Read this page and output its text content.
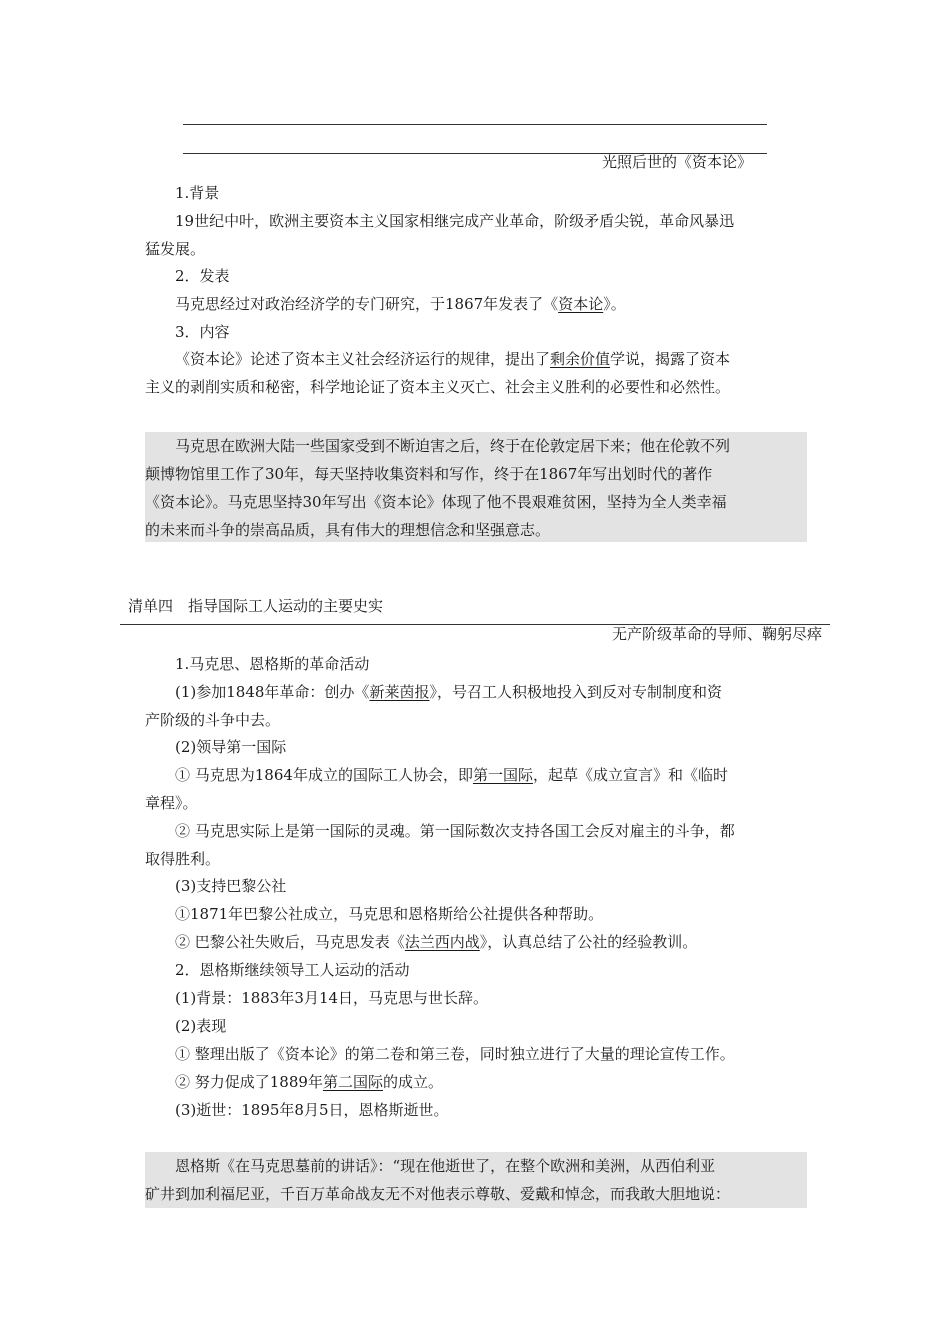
光照后世的《资本论》
1.背景
19世纪中叶，欧洲主要资本主义国家相继完成产业革命，阶级矛盾尖锐，革命风暴迅
猛发展。
2．发表
马克思经过对政治经济学的专门研究，于1867年发表了《资本论》。
3．内容
《资本论》论述了资本主义社会经济运行的规律，提出了剩余价值学说，揭露了资本
主义的剥削实质和秘密，科学地论证了资本主义灭亡、社会主义胜利的必要性和必然性。
马克思在欧洲大陆一些国家受到不断迫害之后，终于在伦敦定居下来；他在伦敦不列
颠博物馆里工作了30年，每天坚持收集资料和写作，终于在1867年写出划时代的著作
《资本论》。马克思坚持30年写出《资本论》体现了他不畏艰难贫困，坚持为全人类幸福
的未来而斗争的崇高品质，具有伟大的理想信念和坚强意志。
清单四　指导国际工人运动的主要史实
无产阶级革命的导师、鞠躬尽瘁
1.马克思、恩格斯的革命活动
(1)参加1848年革命：创办《新莱茵报》，号召工人积极地投入到反对专制制度和资
产阶级的斗争中去。
(2)领导第一国际
① 马克思为1864年成立的国际工人协会，即第一国际，起草《成立宣言》和《临时
章程》。
② 马克思实际上是第一国际的灵魂。第一国际数次支持各国工会反对雇主的斗争，都
取得胜利。
(3)支持巴黎公社
①1871年巴黎公社成立，马克思和恩格斯给公社提供各种帮助。
② 巴黎公社失败后，马克思发表《法兰西内战》，认真总结了公社的经验教训。
2．恩格斯继续领导工人运动的活动
(1)背景：1883年3月14日，马克思与世长辞。
(2)表现
① 整理出版了《资本论》的第二卷和第三卷，同时独立进行了大量的理论宣传工作。
② 努力促成了1889年第二国际的成立。
(3)逝世：1895年8月5日，恩格斯逝世。
恩格斯《在马克思墓前的讲话》：“现在他逝世了，在整个欧洲和美洲，从西伯利亚
矿井到加利福尼亚，千百万革命战友无不对他表示尊敬、爱戴和悼念，而我敢大胆地说：
